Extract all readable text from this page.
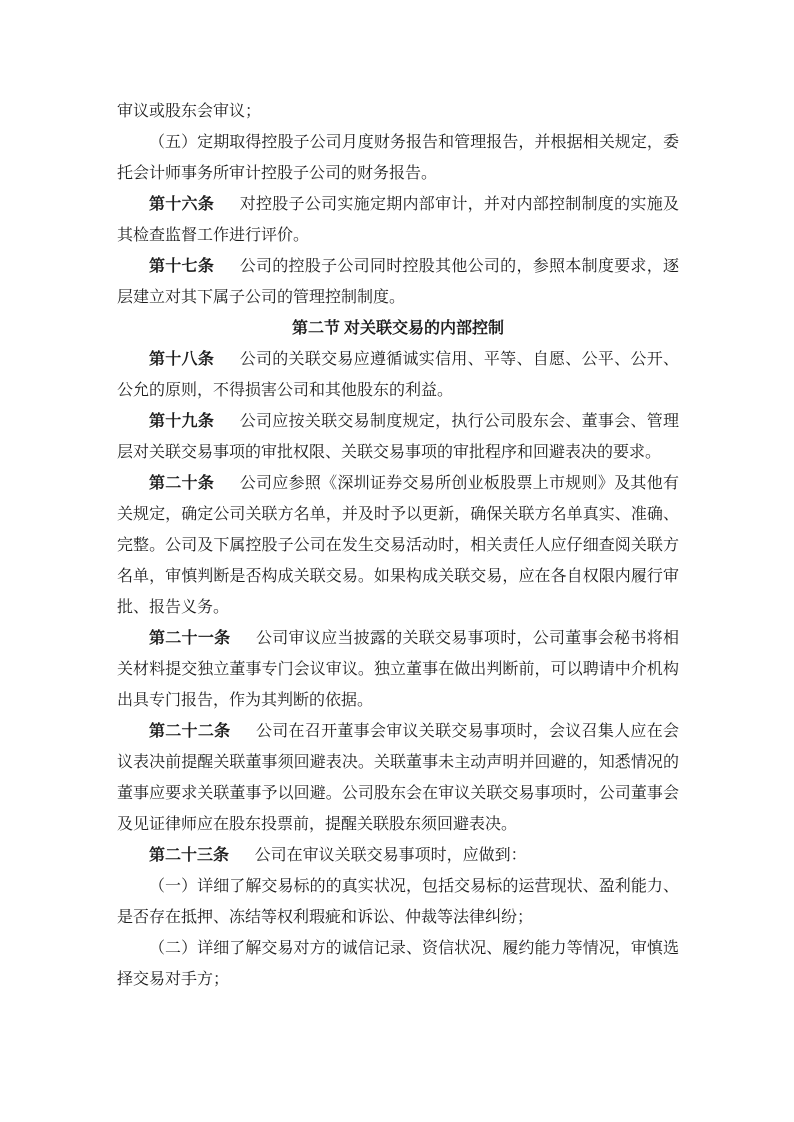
审议或股东会审议；

（五）定期取得控股子公司月度财务报告和管理报告，并根据相关规定，委托会计师事务所审计控股子公司的财务报告。

第十六条 对控股子公司实施定期内部审计，并对内部控制制度的实施及其检查监督工作进行评价。

第十七条 公司的控股子公司同时控股其他公司的，参照本制度要求，逐层建立对其下属子公司的管理控制制度。

第二节 对关联交易的内部控制

第十八条 公司的关联交易应遵循诚实信用、平等、自愿、公平、公开、公允的原则，不得损害公司和其他股东的利益。

第十九条 公司应按关联交易制度规定，执行公司股东会、董事会、管理层对关联交易事项的审批权限、关联交易事项的审批程序和回避表决的要求。

第二十条 公司应参照《深圳证券交易所创业板股票上市规则》及其他有关规定，确定公司关联方名单，并及时予以更新，确保关联方名单真实、准确、完整。公司及下属控股子公司在发生交易活动时，相关责任人应仔细查阅关联方名单，审慎判断是否构成关联交易。如果构成关联交易，应在各自权限内履行审批、报告义务。

第二十一条 公司审议应当披露的关联交易事项时，公司董事会秘书将相关材料提交独立董事专门会议审议。独立董事在做出判断前，可以聘请中介机构出具专门报告，作为其判断的依据。

第二十二条 公司在召开董事会审议关联交易事项时，会议召集人应在会议表决前提醒关联董事须回避表决。关联董事未主动声明并回避的，知悉情况的董事应要求关联董事予以回避。公司股东会在审议关联交易事项时，公司董事会及见证律师应在股东投票前，提醒关联股东须回避表决。

第二十三条 公司在审议关联交易事项时，应做到：

（一）详细了解交易标的的真实状况，包括交易标的运营现状、盈利能力、是否存在抵押、冻结等权利瑕疵和诉讼、仲裁等法律纠纷；

（二）详细了解交易对方的诚信记录、资信状况、履约能力等情况，审慎选择交易对手方；
